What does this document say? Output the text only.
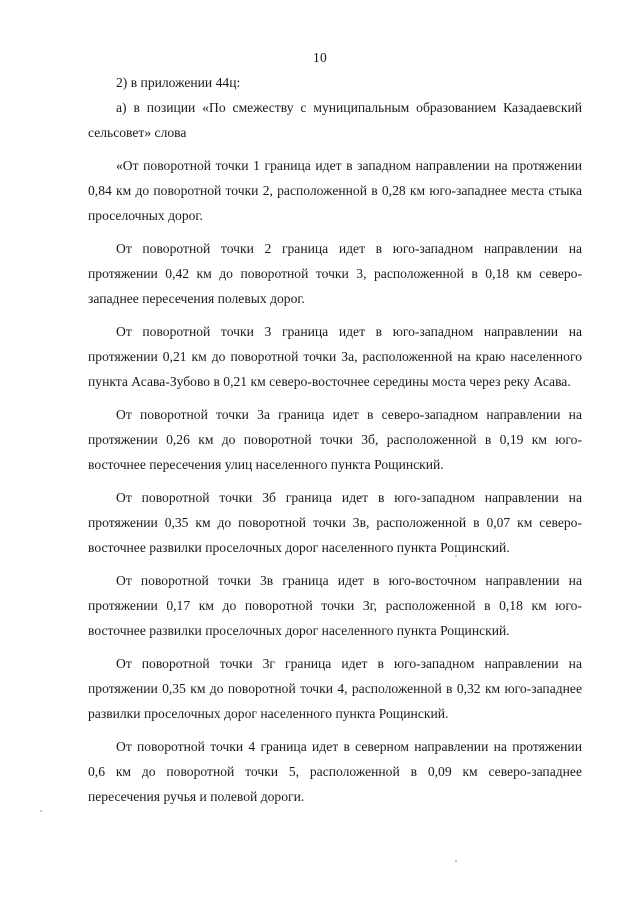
10

2) в приложении 44ц:

а) в позиции «По смежеству с муниципальным образованием Казадаевский сельсовет» слова

«От поворотной точки 1 граница идет в западном направлении на протяжении 0,84 км до поворотной точки 2, расположенной в 0,28 км юго-западнее места стыка проселочных дорог.

От поворотной точки 2 граница идет в юго-западном направлении на протяжении 0,42 км до поворотной точки 3, расположенной в 0,18 км северо-западнее пересечения полевых дорог.

От поворотной точки 3 граница идет в юго-западном направлении на протяжении 0,21 км до поворотной точки 3а, расположенной на краю населенного пункта Асава-Зубово в 0,21 км северо-восточнее середины моста через реку Асава.

От поворотной точки 3а граница идет в северо-западном направлении на протяжении 0,26 км до поворотной точки 3б, расположенной в 0,19 км юго-восточнее пересечения улиц населенного пункта Рощинский.

От поворотной точки 3б граница идет в юго-западном направлении на протяжении 0,35 км до поворотной точки 3в, расположенной в 0,07 км северо-восточнее развилки проселочных дорог населенного пункта Рощинский.

От поворотной точки 3в граница идет в юго-восточном направлении на протяжении 0,17 км до поворотной точки 3г, расположенной в 0,18 км юго-восточнее развилки проселочных дорог населенного пункта Рощинский.

От поворотной точки 3г граница идет в юго-западном направлении на протяжении 0,35 км до поворотной точки 4, расположенной в 0,32 км юго-западнее развилки проселочных дорог населенного пункта Рощинский.

От поворотной точки 4 граница идет в северном направлении на протяжении 0,6 км до поворотной точки 5, расположенной в 0,09 км северо-западнее пересечения ручья и полевой дороги.
